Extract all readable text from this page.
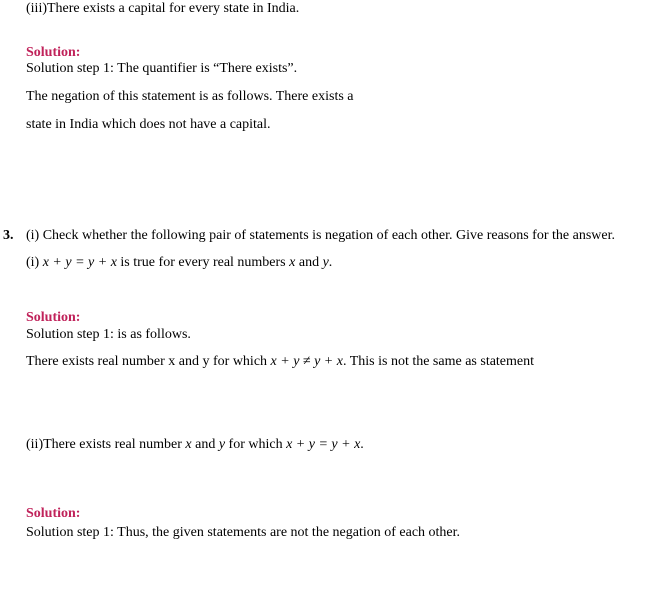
(iii)There exists a capital for every state in India.
Solution:
Solution step 1: The quantifier is “There exists”.
The negation of this statement is as follows. There exists a
state in India which does not have a capital.
3. (i) Check whether the following pair of statements is negation of each other. Give reasons for the answer.
(i) x + y = y + x is true for every real numbers x and y.
Solution:
Solution step 1: is as follows.
There exists real number x and y for which x + y ≠ y + x. This is not the same as statement
(ii)There exists real number x and y for which x + y = y + x.
Solution:
Solution step 1: Thus, the given statements are not the negation of each other.
